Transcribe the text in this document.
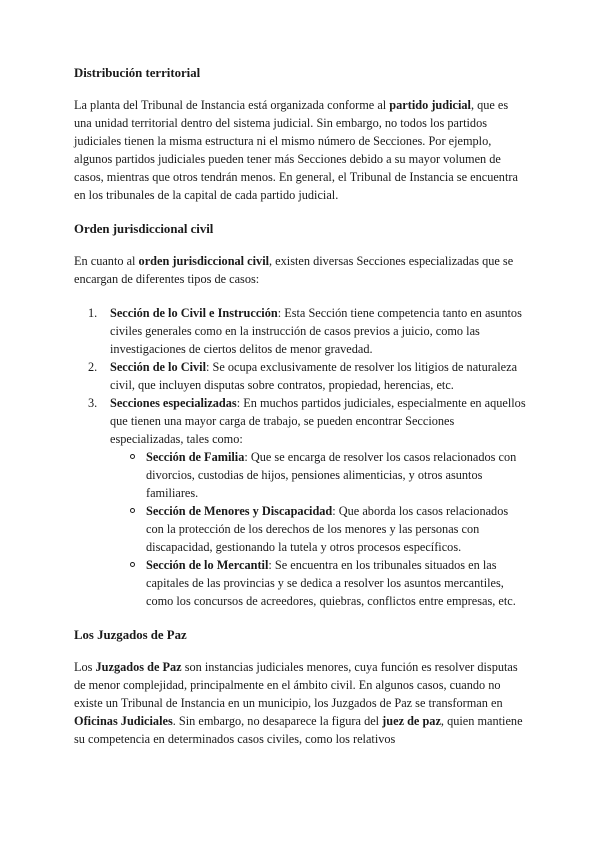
Distribución territorial

La planta del Tribunal de Instancia está organizada conforme al partido judicial, que es una unidad territorial dentro del sistema judicial. Sin embargo, no todos los partidos judiciales tienen la misma estructura ni el mismo número de Secciones. Por ejemplo, algunos partidos judiciales pueden tener más Secciones debido a su mayor volumen de casos, mientras que otros tendrán menos. En general, el Tribunal de Instancia se encuentra en los tribunales de la capital de cada partido judicial.

Orden jurisdiccional civil

En cuanto al orden jurisdiccional civil, existen diversas Secciones especializadas que se encargan de diferentes tipos de casos:

1. Sección de lo Civil e Instrucción: Esta Sección tiene competencia tanto en asuntos civiles generales como en la instrucción de casos previos a juicio, como las investigaciones de ciertos delitos de menor gravedad.
2. Sección de lo Civil: Se ocupa exclusivamente de resolver los litigios de naturaleza civil, que incluyen disputas sobre contratos, propiedad, herencias, etc.
3. Secciones especializadas: En muchos partidos judiciales, especialmente en aquellos que tienen una mayor carga de trabajo, se pueden encontrar Secciones especializadas, tales como:
Sección de Familia: Que se encarga de resolver los casos relacionados con divorcios, custodias de hijos, pensiones alimenticias, y otros asuntos familiares.
Sección de Menores y Discapacidad: Que aborda los casos relacionados con la protección de los derechos de los menores y las personas con discapacidad, gestionando la tutela y otros procesos específicos.
Sección de lo Mercantil: Se encuentra en los tribunales situados en las capitales de las provincias y se dedica a resolver los asuntos mercantiles, como los concursos de acreedores, quiebras, conflictos entre empresas, etc.
Los Juzgados de Paz

Los Juzgados de Paz son instancias judiciales menores, cuya función es resolver disputas de menor complejidad, principalmente en el ámbito civil. En algunos casos, cuando no existe un Tribunal de Instancia en un municipio, los Juzgados de Paz se transforman en Oficinas Judiciales. Sin embargo, no desaparece la figura del juez de paz, quien mantiene su competencia en determinados casos civiles, como los relativos
